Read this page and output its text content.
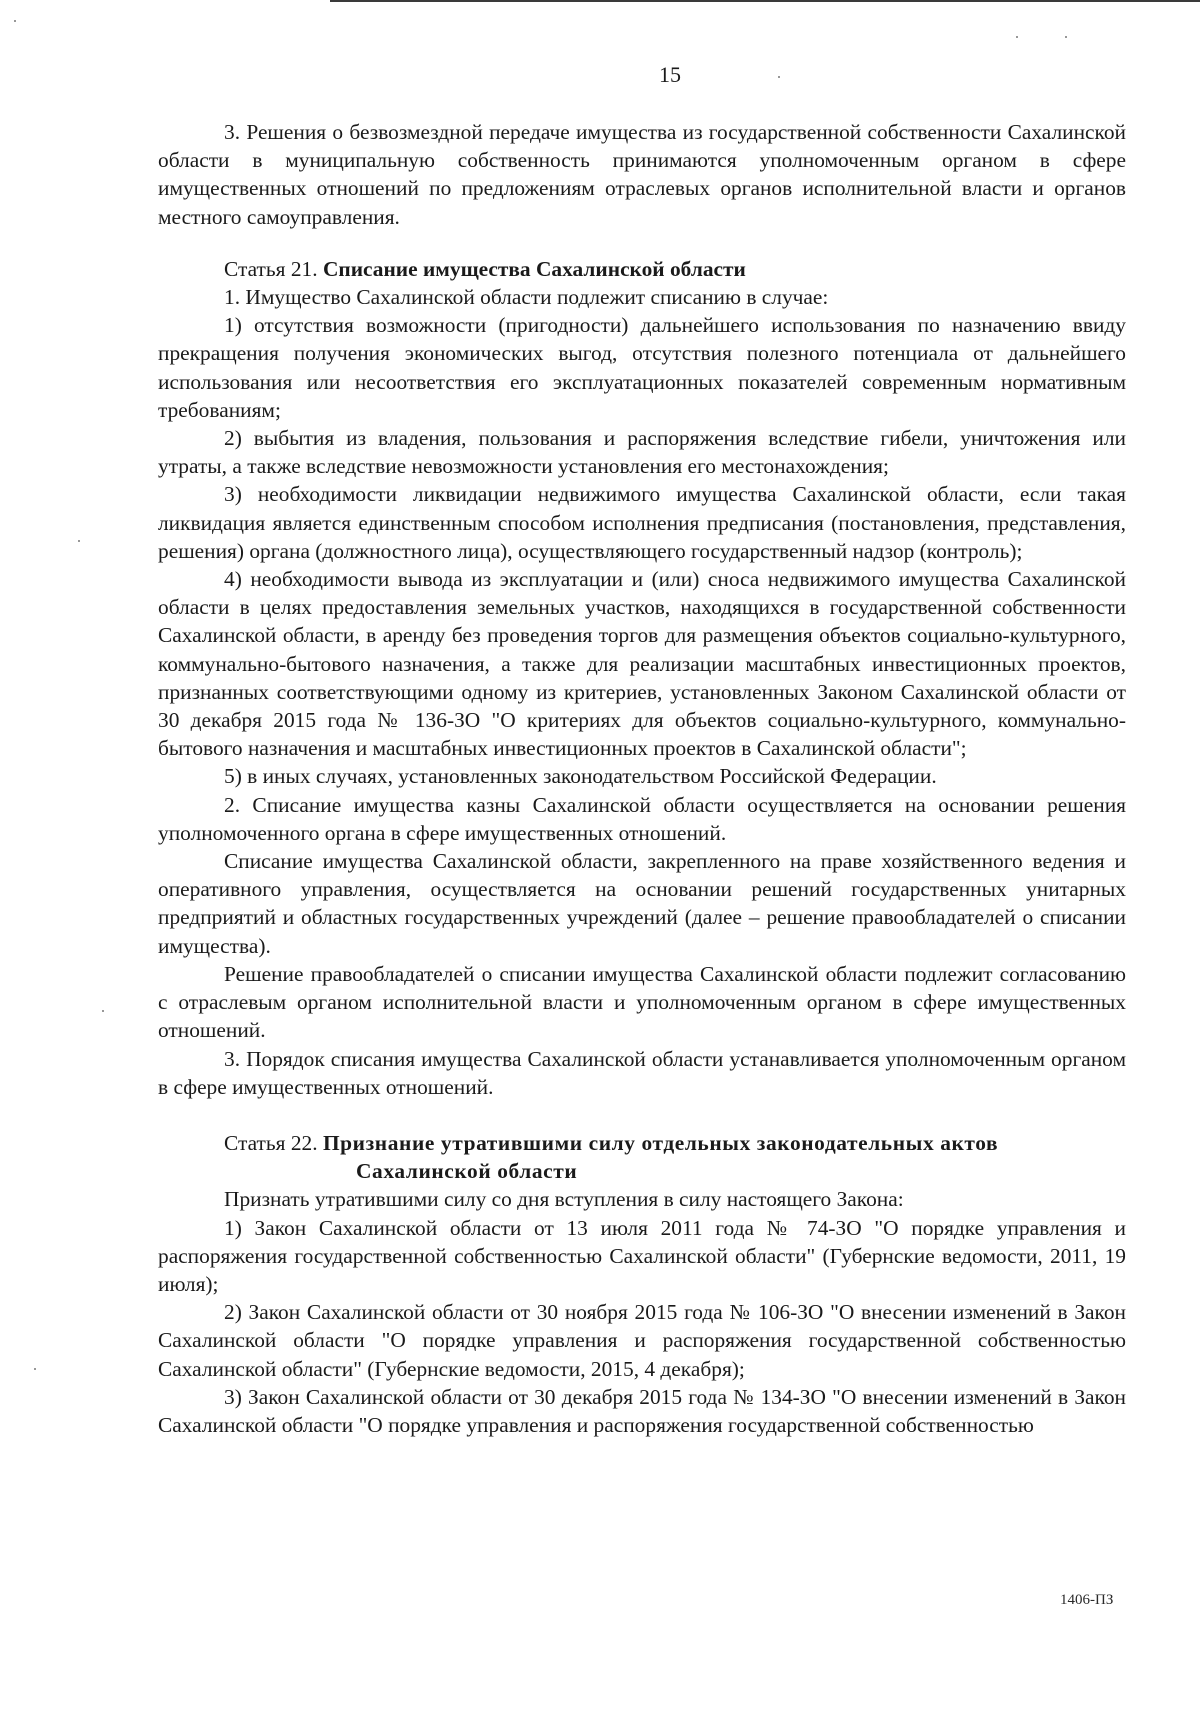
15

3. Решения о безвозмездной передаче имущества из государственной собственности Сахалинской области в муниципальную собственность принимаются уполномоченным органом в сфере имущественных отношений по предложениям отраслевых органов исполнительной власти и органов местного самоуправления.

Статья 21. Списание имущества Сахалинской области

1. Имущество Сахалинской области подлежит списанию в случае:

1) отсутствия возможности (пригодности) дальнейшего использования по назначению ввиду прекращения получения экономических выгод, отсутствия полезного потенциала от дальнейшего использования или несоответствия его эксплуатационных показателей современным нормативным требованиям;

2) выбытия из владения, пользования и распоряжения вследствие гибели, уничтожения или утраты, а также вследствие невозможности установления его местонахождения;

3) необходимости ликвидации недвижимого имущества Сахалинской области, если такая ликвидация является единственным способом исполнения предписания (постановления, представления, решения) органа (должностного лица), осуществляющего государственный надзор (контроль);

4) необходимости вывода из эксплуатации и (или) сноса недвижимого имущества Сахалинской области в целях предоставления земельных участков, находящихся в государственной собственности Сахалинской области, в аренду без проведения торгов для размещения объектов социально-культурного, коммунально-бытового назначения, а также для реализации масштабных инвестиционных проектов, признанных соответствующими одному из критериев, установленных Законом Сахалинской области от 30 декабря 2015 года № 136-ЗО "О критериях для объектов социально-культурного, коммунально-бытового назначения и масштабных инвестиционных проектов в Сахалинской области";

5) в иных случаях, установленных законодательством Российской Федерации.

2. Списание имущества казны Сахалинской области осуществляется на основании решения уполномоченного органа в сфере имущественных отношений.

Списание имущества Сахалинской области, закрепленного на праве хозяйственного ведения и оперативного управления, осуществляется на основании решений государственных унитарных предприятий и областных государственных учреждений (далее – решение правообладателей о списании имущества).

Решение правообладателей о списании имущества Сахалинской области подлежит согласованию с отраслевым органом исполнительной власти и уполномоченным органом в сфере имущественных отношений.

3. Порядок списания имущества Сахалинской области устанавливается уполномоченным органом в сфере имущественных отношений.

Статья 22. Признание утратившими силу отдельных законодательных актов
Сахалинской области

Признать утратившими силу со дня вступления в силу настоящего Закона:

1) Закон Сахалинской области от 13 июля 2011 года № 74-ЗО "О порядке управления и распоряжения государственной собственностью Сахалинской области" (Губернские ведомости, 2011, 19 июля);

2) Закон Сахалинской области от 30 ноября 2015 года № 106-ЗО "О внесении изменений в Закон Сахалинской области "О порядке управления и распоряжения государственной собственностью Сахалинской области" (Губернские ведомости, 2015, 4 декабря);

3) Закон Сахалинской области от 30 декабря 2015 года № 134-ЗО "О внесении изменений в Закон Сахалинской области "О порядке управления и распоряжения государственной собственностью

1406-ПЗ
